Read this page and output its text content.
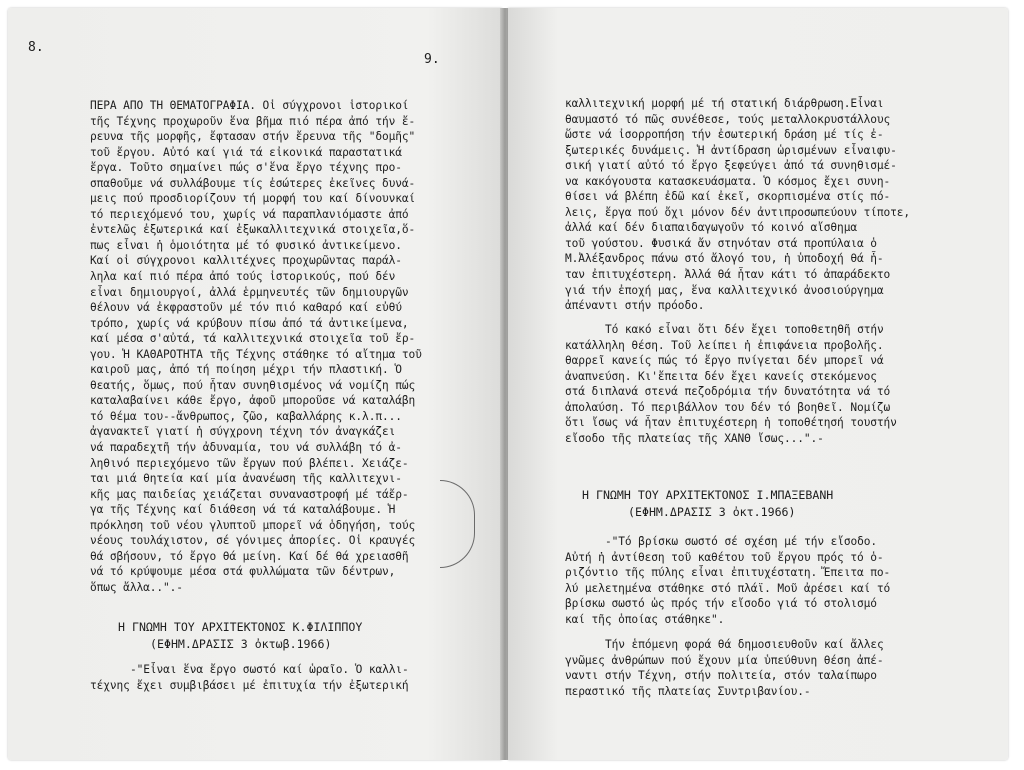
8.
9.
ΠΕΡΑ ΑΠΟ ΤΗ ΘΕΜΑΤΟΓΡΑΦΙΑ. Οἱ σύγχρονοι ἱστορικοί
τῆς Τέχνης προχωροῦν ἕνα βῆμα πιό πέρα ἀπό τήν ἔ-
ρευνα τῆς μορφῆς, ἔφτασαν στήν ἔρευνα τῆς "δομῆς"
τοῦ ἔργου. Αὐτό καί γιά τά εἰκονικά παραστατικά
ἔργα. Τοῦτο σημαίνει πώς σ'ἕνα ἔργο τέχνης προ-
σπαθοῦμε νά συλλάβουμε τίς ἐσώτερες ἐκεῖνες δυνά-
μεις πού προσδιορίζουν τή μορφή του καί δίνουνκαί
τό περιεχόμενό του, χωρίς νά παραπλανιόμαστε ἀπό
ἐντελῶς ἐξωτερικά καί ἐξωκαλλιτεχνικά στοιχεῖα,ὅ-
πως εἶναι ἡ ὁμοιότητα μέ τό φυσικό ἀντικείμενο.
Καί οἱ σύγχρονοι καλλιτέχνες προχωρῶντας παράλ-
ληλα καί πιό πέρα ἀπό τούς ἱστορικούς, πού δέν
εἶναι δημιουργοί, ἀλλά ἑρμηνευτές τῶν δημιουργῶν
θέλουν νά ἐκφραστοῦν μέ τόν πιό καθαρό καί εὐθύ
τρόπο, χωρίς νά κρύβουν πίσω ἀπό τά ἀντικείμενα,
καί μέσα σ'αὐτά, τά καλλιτεχνικά στοιχεῖα τοῦ ἔρ-
γου. Ἡ ΚΑΘΑΡΟΤΗΤΑ τῆς Τέχνης στάθηκε τό αἴτημα τοῦ
καιροῦ μας, ἀπό τή ποίηση μέχρι τήν πλαστική. Ὁ
θεατής, ὅμως, πού ἦταν συνηθισμένος νά νομίζη πώς
καταλαβαίνει κάθε ἔργο, ἀφοῦ μποροῦσε νά καταλάβη
τό θέμα του--ἄνθρωπος, ζῶο, καβαλλάρης κ.λ.π...
ἀγανακτεῖ γιατί ἡ σύγχρονη τέχνη τόν ἀναγκάζει
νά παραδεχτῆ τήν ἀδυναμία, του νά συλλάβη τό ἀ-
ληθινό περιεχόμενο τῶν ἔργων πού βλέπει. Χειάζε-
ται μιά θητεία καί μία ἀνανέωση τῆς καλλιτεχνι-
κῆς μας παιδείας χειάζεται συναναστροφή μέ τάἔρ-
γα τῆς Τέχνης καί διάθεση νά τά καταλάβουμε. Ἡ
πρόκληση τοῦ νέου γλυπτοῦ μπορεῖ νά ὁδηγήση, τούς
νέους τουλάχιστον, σέ γόνιμες ἀπορίες. Οἱ κραυγές
θά σβήσουν, τό ἔργο θά μείνη. Καί δέ θά χρειασθῆ
νά τό κρύψουμε μέσα στά φυλλώματα τῶν δέντρων,
ὅπως ἄλλα..".-
Η ΓΝΩΜΗ ΤΟΥ ΑΡΧΙΤΕΚΤΟΝΟΣ Κ.ΦΙΛΙΠΠΟΥ
(ΕΦΗΜ.ΔΡΑΣΙΣ 3 ὀκτωβ.1966)
-"Εἶναι ἕνα ἔργο σωστό καί ὡραῖο. Ὁ καλλι-
τέχνης ἔχει συμβιβάσει μέ ἐπιτυχία τήν ἐξωτερική
καλλιτεχνική μορφή μέ τή στατική διάρθρωση.Εἶναι
θαυμαστό τό πῶς συνέθεσε, τούς μεταλλοκρυστάλλους
ὥστε νά ἰσορροπήση τήν ἐσωτερική δράση μέ τίς ἐ-
ξωτερικές δυνάμεις. Ἡ ἀντίδραση ὡρισμένων εἶναιφυ-
σική γιατί αὐτό τό ἔργο ξεφεύγει ἀπό τά συνηθισμέ-
να κακόγουστα κατασκευάσματα. Ὁ κόσμος ἔχει συνη-
θίσει νά βλέπη ἐδῶ καί ἐκεῖ, σκορπισμένα στίς πό-
λεις, ἔργα πού ὄχι μόνον δέν ἀντιπροσωπεύουν τίποτε,
ἀλλά καί δέν διαπαιδαγωγοῦν τό κοινό αἴσθημα
τοῦ γούστου. Φυσικά ἄν στηνόταν στά προπύλαια ὁ
Μ.Ἀλέξανδρος πάνω στό ἄλογό του, ἡ ὑποδοχή θά ἦ-
ταν ἐπιτυχέστερη. Ἀλλά θά ἦταν κάτι τό ἀπαράδεκτο
γιά τήν ἐποχή μας, ἕνα καλλιτεχνικό ἀνοσιούργημα
ἀπέναντι στήν πρόοδο.
Τό κακό εἶναι ὅτι δέν ἔχει τοποθετηθῆ στήν
κατάλληλη θέση. Τοῦ λείπει ἡ ἐπιφάνεια προβολῆς.
θαρρεῖ κανείς πώς τό ἔργο πνίγεται δέν μπορεῖ νά
ἀναπνεύση. Κι'ἔπειτα δέν ἔχει κανείς στεκόμενος
στά διπλανά στενά πεζοδρόμια τήν δυνατότητα νά τό
ἀπολαύση. Τό περιβάλλον του δέν τό βοηθεῖ. Νομίζω
ὅτι ἴσως νά ἦταν ἐπιτυχέστερη ἡ τοποθέτησή τουστήν
εἴσοδο τῆς πλατείας τῆς ΧΑΝΘ ἴσως...".-
Η ΓΝΩΜΗ ΤΟΥ ΑΡΧΙΤΕΚΤΟΝΟΣ Ι.ΜΠΑΞΕΒΑΝΗ
(ΕΦΗΜ.ΔΡΑΣΙΣ 3 ὀκτ.1966)
-"Τό βρίσκω σωστό σέ σχέση μέ τήν εἴσοδο.
Αὐτή ἡ ἀντίθεση τοῦ καθέτου τοῦ ἔργου πρός τό ὁ-
ριζόντιο τῆς πύλης εἶναι ἐπιτυχέστατη. Ἔπειτα πο-
λύ μελετημένα στάθηκε στό πλάϊ. Μοῦ ἀρέσει καί τό
βρίσκω σωστό ὡς πρός τήν εἴσοδο γιά τό στολισμό
καί τῆς ὁποίας στάθηκε".
Τήν ἑπόμενη φορά θά δημοσιευθοῦν καί ἄλλες
γνῶμες ἀνθρώπων πού ἔχουν μία ὑπεύθυνη θέση ἀπέ-
ναντι στήν Τέχνη, στήν πολιτεία, στόν ταλαίπωρο
περαστικό τῆς πλατείας Συντριβανίου.-
